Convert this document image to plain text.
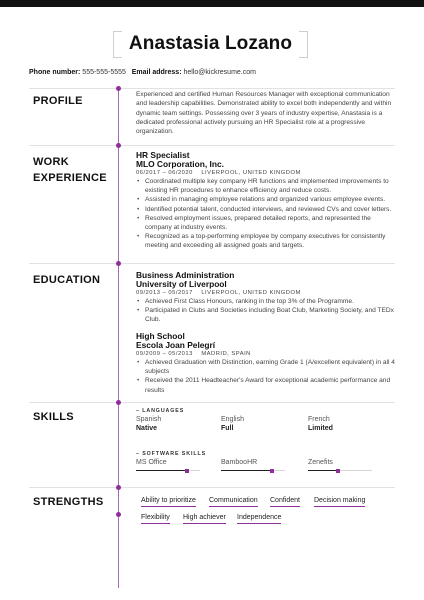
Anastasia Lozano
Phone number: 555-555-5555 Email address: hello@kickresume.com
PROFILE
Experienced and certified Human Resources Manager with exceptional communication and leadership capabilities. Demonstrated ability to excel both independently and within dynamic team settings. Possessing over 3 years of industry expertise, Anastasia is a dedicated professional actively pursuing an HR Specialist role at a progressive organization.
WORK
EXPERIENCE
HR Specialist
MLO Corporation, Inc.
06/2017 – 06/2020 LIVERPOOL, UNITED KINGDOM
• Coordinated multiple key company HR functions and implemented improvements to existing HR procedures to enhance efficiency and reduce costs.
• Assisted in managing employee relations and organized various employee events.
• Identified potential talent, conducted interviews, and reviewed CVs and cover letters.
• Resolved employment issues, prepared detailed reports, and represented the company at industry events.
• Recognized as a top-performing employee by company executives for consistently meeting and exceeding all assigned goals and targets.
EDUCATION	Business Administration
University of Liverpool
09/2013 – 05/2017 LIVERPOOL, UNITED KINGDOM
• Achieved First Class Honours, ranking in the top 3% of the Programme.
• Participated in Clubs and Societies including Boat Club, Marketing Society, and TEDx Club.
High School
Escola Joan Pelegrí
09/2009 – 05/2013 MADRID, SPAIN
• Achieved Graduation with Distinction, earning Grade 1 (A/excellent equivalent) in all 4 subjects
• Received the 2011 Headteacher's Award for exceptional academic performance and results
SKILLS	– LANGUAGES
Spanish
Native
English
Full
French
Limited
– SOFTWARE SKILLS
MS Office	BambooHR	Zenefits
STRENGTHS	Ability to prioritize Communication Confident Decision making
Flexibility High achiever Independence
